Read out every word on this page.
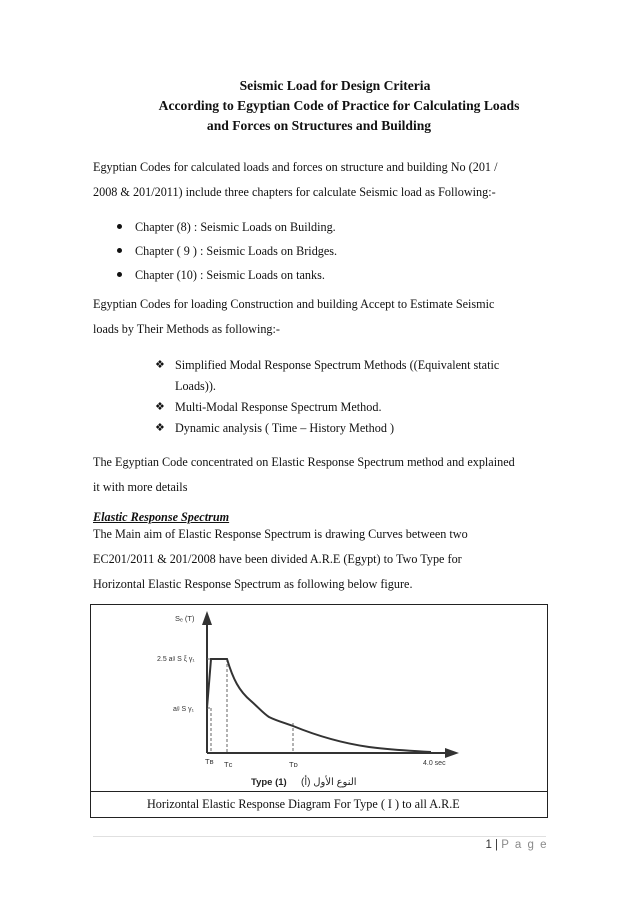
Seismic Load for Design Criteria
According to Egyptian Code of Practice for Calculating Loads
and Forces on Structures and Building
Egyptian Codes for calculated loads and forces on structure and building No (201 /
2008 & 201/2011) include three chapters for calculate Seismic load as Following:-
Chapter (8) : Seismic Loads on Building.
Chapter ( 9 ) : Seismic Loads on Bridges.
Chapter (10) : Seismic Loads on tanks.
Egyptian Codes for loading Construction and building Accept to Estimate Seismic
loads by Their Methods as following:-
❖ Simplified Modal Response Spectrum Methods ((Equivalent static
Loads)).
❖ Multi-Modal Response Spectrum Method.
❖ Dynamic analysis ( Time – History Method )
The Egyptian Code concentrated on Elastic Response Spectrum method and explained
it with more details
Elastic Response Spectrum
The Main aim of Elastic Response Spectrum is drawing Curves between two
EC201/2011 & 201/2008 have been divided A.R.E (Egypt) to Two Type for
Horizontal Elastic Response Spectrum as following below figure.
Sₑ (T)
2.5 aᵍ S ξ γ₁
aᵍ S γ₁
Tʙ Tᴄ	Tᴅ	4.0 sec
Type (1) (أ) النوع الأول
Horizontal Elastic Response Diagram For Type ( I ) to all A.R.E
1 | P a g e
